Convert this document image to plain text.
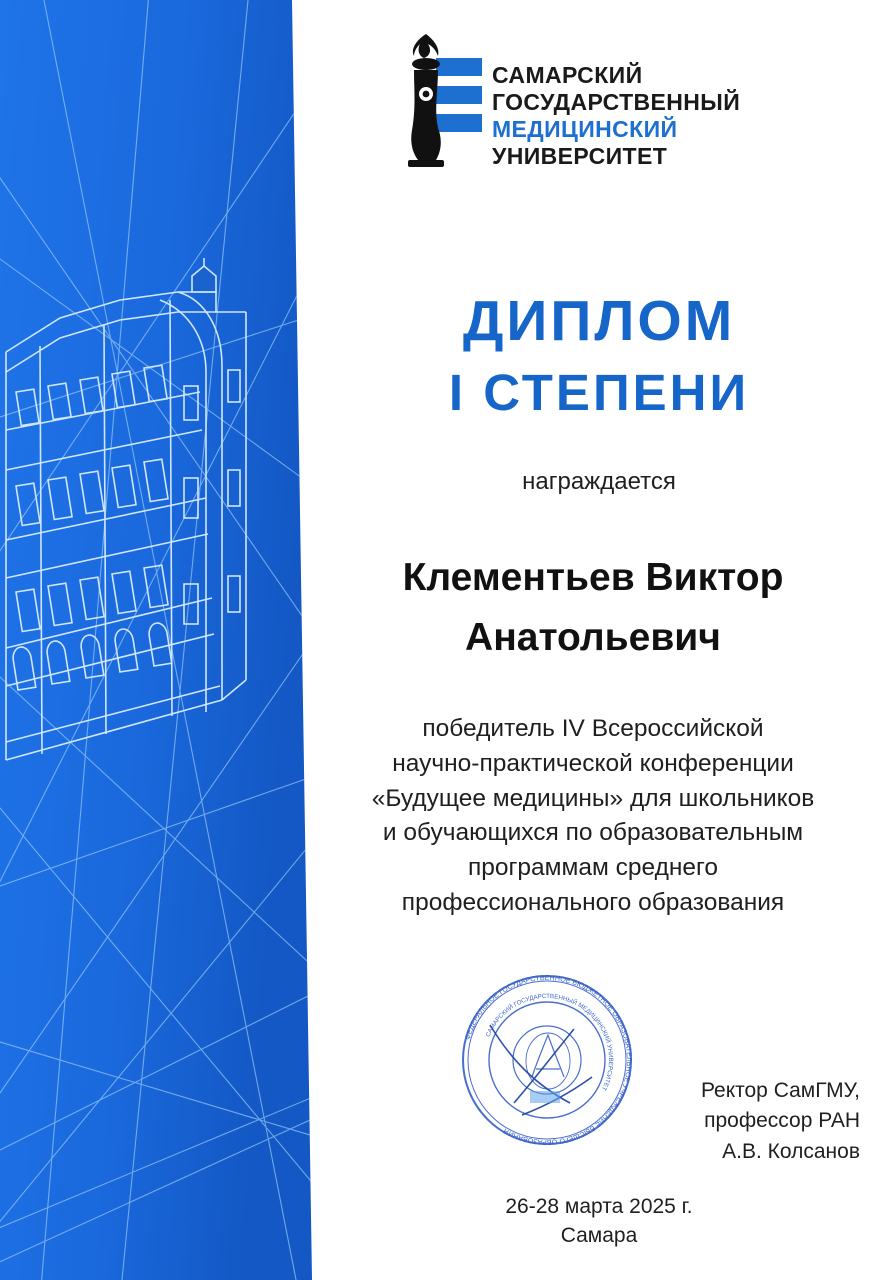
САМАРСКИЙ
ГОСУДАРСТВЕННЫЙ
МЕДИЦИНСКИЙ
УНИВЕРСИТЕТ
ДИПЛОМ
I СТЕПЕНИ
награждается
Клементьев Виктор
Анатольевич
победитель IV Всероссийской
научно-практической конференции
«Будущее медицины» для школьников
и обучающихся по образовательным
программам среднего
профессионального образования
ФЕДЕРАЛЬНОЕ ГОСУДАРСТВЕННОЕ БЮДЖЕТНОЕ ОБРАЗОВАТЕЛЬНОЕ УЧРЕЖДЕНИЕ ВЫСШЕГО ОБРАЗОВАНИЯ
САМАРСКИЙ ГОСУДАРСТВЕННЫЙ МЕДИЦИНСКИЙ УНИВЕРСИТЕТ	Ректор СамГМУ,
профессор РАН
А.В. Колсанов
26-28 марта 2025 г.
Самара
